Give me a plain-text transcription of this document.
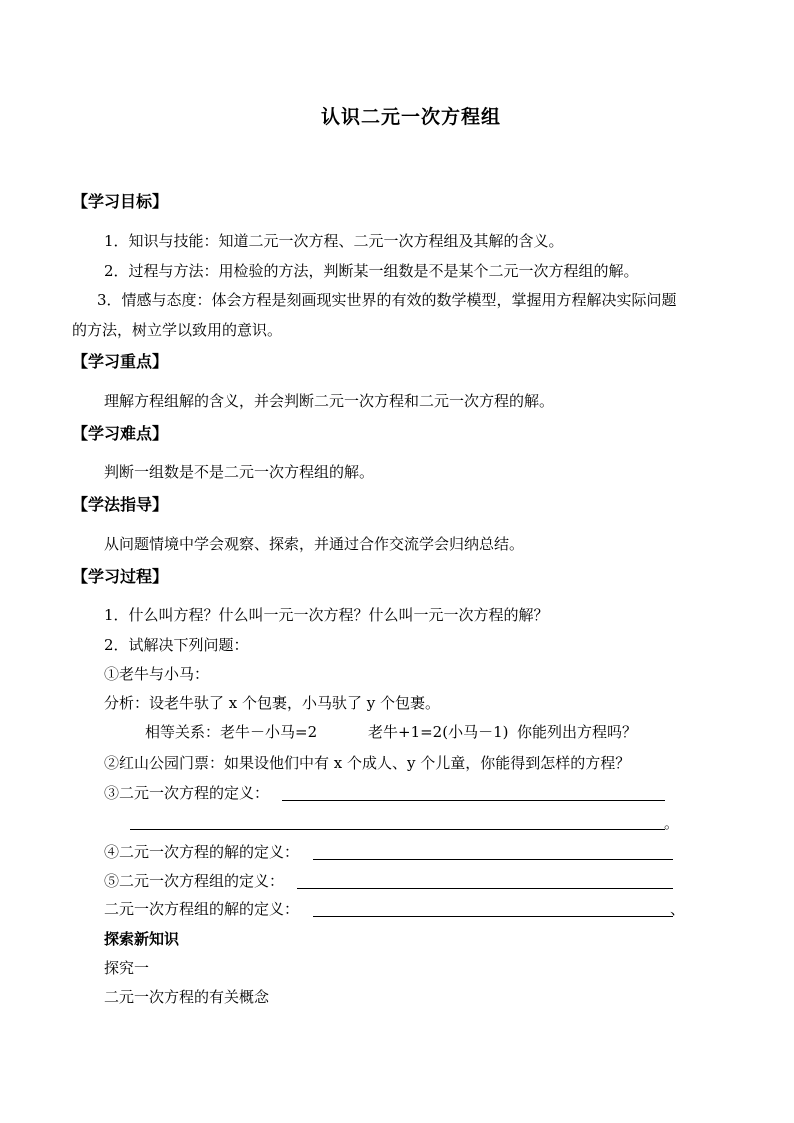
认识二元一次方程组
【学习目标】
1．知识与技能：知道二元一次方程、二元一次方程组及其解的含义。
2．过程与方法：用检验的方法，判断某一组数是不是某个二元一次方程组的解。
3．情感与态度：体会方程是刻画现实世界的有效的数学模型，掌握用方程解决实际问题
的方法，树立学以致用的意识。
【学习重点】
理解方程组解的含义，并会判断二元一次方程和二元一次方程的解。
【学习难点】
判断一组数是不是二元一次方程组的解。
【学法指导】
从问题情境中学会观察、探索，并通过合作交流学会归纳总结。
【学习过程】
1．什么叫方程？什么叫一元一次方程？什么叫一元一次方程的解？
2．试解决下列问题：
①老牛与小马：
分析：设老牛驮了 x 个包裹，小马驮了 y 个包裹。
相等关系：老牛－小马=2	老牛+1=2(小马－1) 你能列出方程吗？
②红山公园门票：如果设他们中有 x 个成人、y 个儿童，你能得到怎样的方程？
③二元一次方程的定义：
。
④二元一次方程的解的定义：
⑤二元一次方程组的定义：
二元一次方程组的解的定义：	、
探索新知识
探究一
二元一次方程的有关概念
